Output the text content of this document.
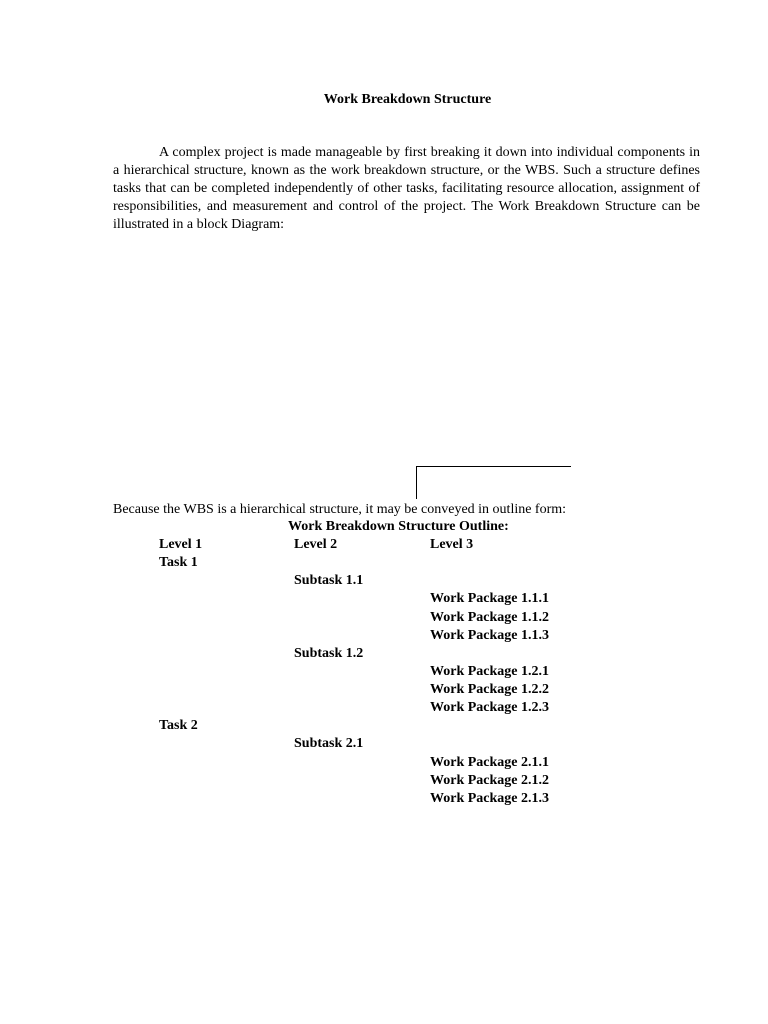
Work Breakdown Structure

A complex project is made manageable by first breaking it down into individual components in a hierarchical structure, known as the work breakdown structure, or the WBS. Such a structure defines tasks that can be completed independently of other tasks, facilitating resource allocation, assignment of responsibilities, and measurement and control of the project. The Work Breakdown Structure can be illustrated in a block Diagram:

Because the WBS is a hierarchical structure, it may be conveyed in outline form:
Work Breakdown Structure Outline:
Level 1	Level 2	Level 3
Task 1
Subtask 1.1
Work Package 1.1.1
Work Package 1.1.2
Work Package 1.1.3
Subtask 1.2
Work Package 1.2.1
Work Package 1.2.2
Work Package 1.2.3
Task 2
Subtask 2.1
Work Package 2.1.1
Work Package 2.1.2
Work Package 2.1.3
